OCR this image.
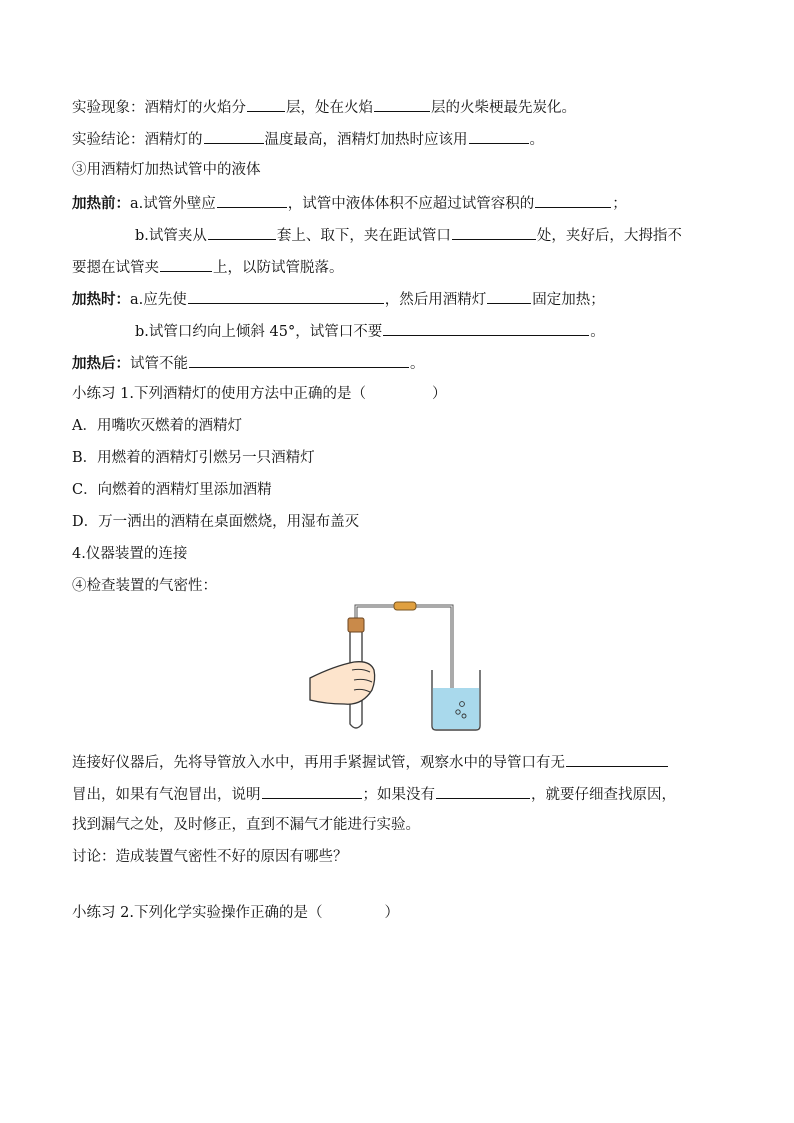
实验现象：酒精灯的火焰分	层，处在火焰	层的火柴梗最先炭化。
实验结论：酒精灯的	温度最高，酒精灯加热时应该用	。
③用酒精灯加热试管中的液体
加热前：a.试管外壁应	，试管中液体体积不应超过试管容积的	；
b.试管夹从	套上、取下，夹在距试管口	处，夹好后，大拇指不
要摁在试管夹	上，以防试管脱落。
加热时：a.应先使	，然后用酒精灯	固定加热；
b.试管口约向上倾斜 45°，试管口不要	。
加热后：试管不能	。
小练习 1.下列酒精灯的使用方法中正确的是（	）
A．用嘴吹灭燃着的酒精灯
B．用燃着的酒精灯引燃另一只酒精灯
C．向燃着的酒精灯里添加酒精
D．万一洒出的酒精在桌面燃烧，用湿布盖灭
4.仪器装置的连接
④检查装置的气密性：
连接好仪器后，先将导管放入水中，再用手紧握试管，观察水中的导管口有无
冒出，如果有气泡冒出，说明	；如果没有	，就要仔细查找原因，
找到漏气之处，及时修正，直到不漏气才能进行实验。
讨论：造成装置气密性不好的原因有哪些？
小练习 2.下列化学实验操作正确的是（	）
